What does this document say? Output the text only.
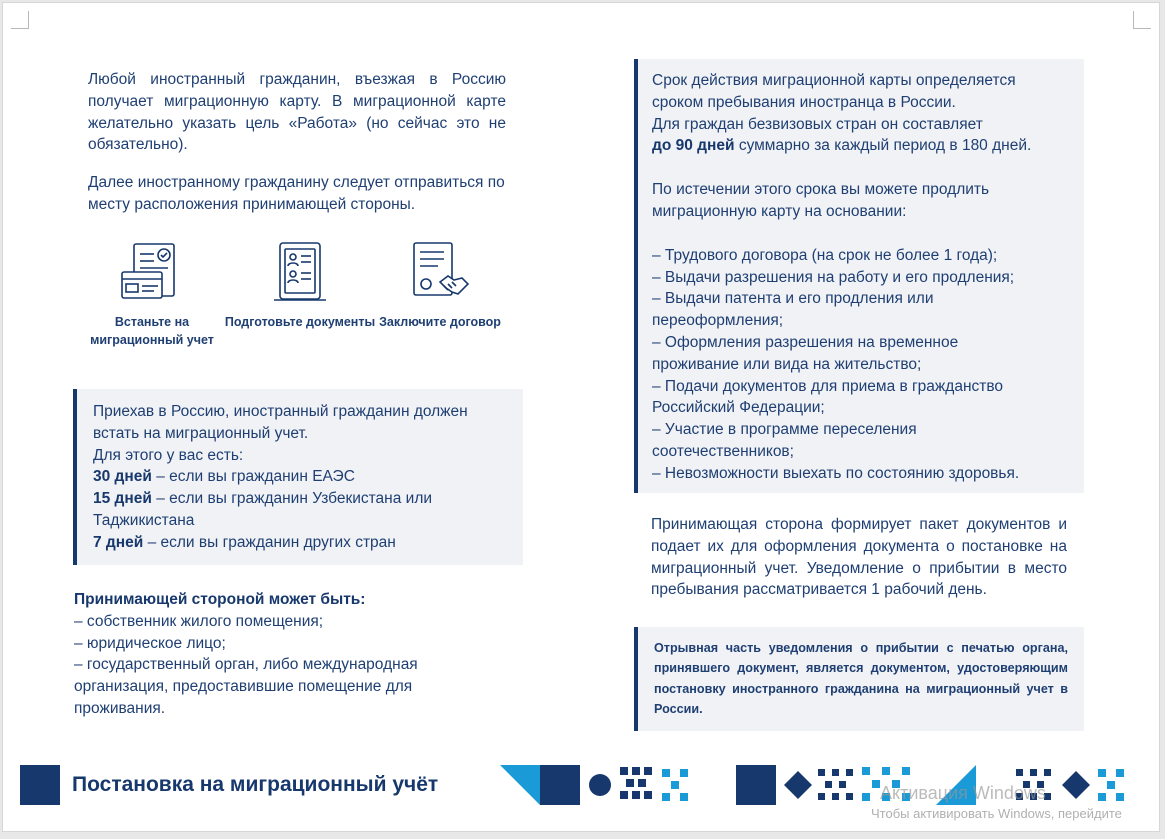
Любой иностранный гражданин, въезжая в Россию получает миграционную карту. В миграционной карте желательно указать цель «Работа» (но сейчас это не обязательно).

Далее иностранному гражданину следует отправиться по месту расположения принимающей стороны.

Встаньте на миграционный учет
Подготовьте документы Заключите договор
Приехав в Россию, иностранный гражданин должен встать на миграционный учет.
Для этого у вас есть:
30 дней – если вы гражданин ЕАЭС
15 дней – если вы гражданин Узбекистана или Таджикистана
7 дней – если вы гражданин других стран
Принимающей стороной может быть:
– собственник жилого помещения;
– юридическое лицо;
– государственный орган, либо международная организация, предоставившие помещение для проживания.
Срок действия миграционной карты определяется сроком пребывания иностранца в России.
Для граждан безвизовых стран он составляет
до 90 дней суммарно за каждый период в 180 дней.
По истечении этого срока вы можете продлить миграционную карту на основании:
– Трудового договора (на срок не более 1 года);
– Выдачи разрешения на работу и его продления;
– Выдачи патента и его продления или переоформления;
– Оформления разрешения на временное проживание или вида на жительство;
– Подачи документов для приема в гражданство Российский Федерации;
– Участие в программе переселения соотечественников;
– Невозможности выехать по состоянию здоровья.

Принимающая сторона формирует пакет документов и подает их для оформления документа о постановке на миграционный учет. Уведомление о прибытии в место пребывания рассматривается 1 рабочий день.

Отрывная часть уведомления о прибытии с печатью органа, принявшего документ, является документом, удостоверяющим постановку иностранного гражданина на миграционный учет в России.
Постановка на миграционный учёт	Активация Windows
Чтобы активировать Windows, перейдите
